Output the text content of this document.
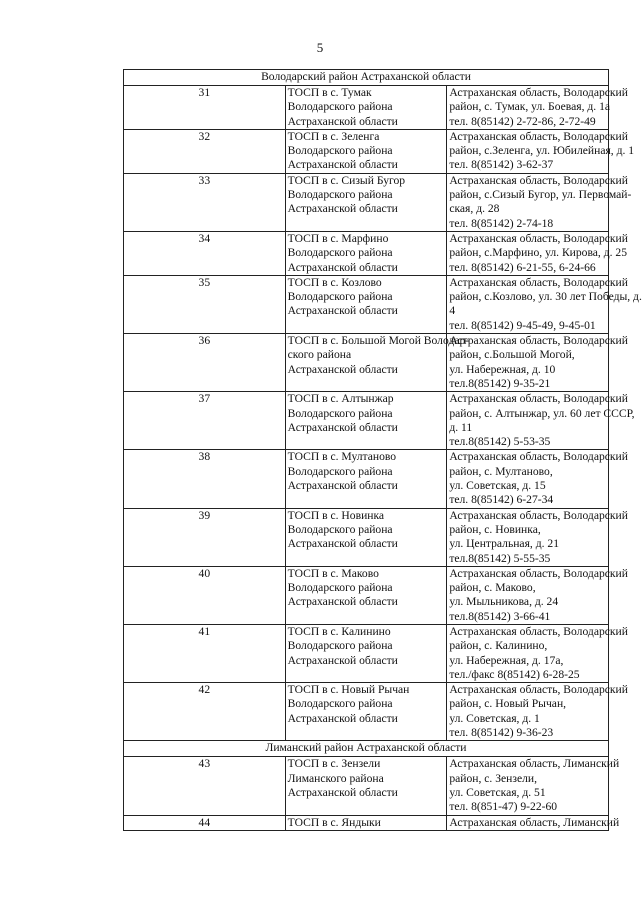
5
Володарский район Астраханской области		
31	ТОСП в с. Тумак
Володарского района
Астраханской области	Астраханская область, Володарский
район, с. Тумак, ул. Боевая, д. 1а
тел. 8(85142) 2-72-86, 2-72-49

32	ТОСП в с. Зеленга
Володарского района
Астраханской области	Астраханская область, Володарский
район, с.Зеленга, ул. Юбилейная, д. 1
тел. 8(85142) 3-62-37

33	ТОСП в с. Сизый Бугор
Володарского района
Астраханской области	Астраханская область, Володарский
район, с.Сизый Бугор, ул. Первомай-
ская, д. 28
тел. 8(85142) 2-74-18

34	ТОСП в с. Марфино
Володарского района
Астраханской области	Астраханская область, Володарский
район, с.Марфино, ул. Кирова, д. 25
тел. 8(85142) 6-21-55, 6-24-66

35	ТОСП в с. Козлово
Володарского района
Астраханской области	Астраханская область, Володарский
район, с.Козлово, ул. 30 лет Победы, д.
4
тел. 8(85142) 9-45-49, 9-45-01

36	ТОСП в с. Большой Могой Володар-
ского района
Астраханской области	Астраханская область, Володарский
район, с.Большой Могой,
ул. Набережная, д. 10
тел.8(85142) 9-35-21

37	ТОСП в с. Алтынжар
Володарского района
Астраханской области	Астраханская область, Володарский
район, с. Алтынжар, ул. 60 лет СССР,
д. 11
тел.8(85142) 5-53-35

38	ТОСП в с. Мултаново
Володарского района
Астраханской области	Астраханская область, Володарский
район, с. Мултаново,
ул. Советская, д. 15
тел. 8(85142) 6-27-34

39	ТОСП в с. Новинка
Володарского района
Астраханской области	Астраханская область, Володарский
район, с. Новинка,
ул. Центральная, д. 21
тел.8(85142) 5-55-35

40	ТОСП в с. Маково
Володарского района
Астраханской области	Астраханская область, Володарский
район, с. Маково,
ул. Мыльникова, д. 24
тел.8(85142) 3-66-41

41	ТОСП в с. Калинино
Володарского района
Астраханской области	Астраханская область, Володарский
район, с. Калинино,
ул. Набережная, д. 17а,
тел./факс 8(85142) 6-28-25

42	ТОСП в с. Новый Рычан
Володарского района
Астраханской области	Астраханская область, Володарский
район, с. Новый Рычан,
ул. Советская, д. 1
тел. 8(85142) 9-36-23

Лиманский район Астраханской области		
43	ТОСП в с. Зензели
Лиманского района
Астраханской области	Астраханская область, Лиманский
район, с. Зензели,
ул. Советская, д. 51
тел. 8(851-47) 9-22-60

44	ТОСП в с. Яндыки	Астраханская область, Лиманский
